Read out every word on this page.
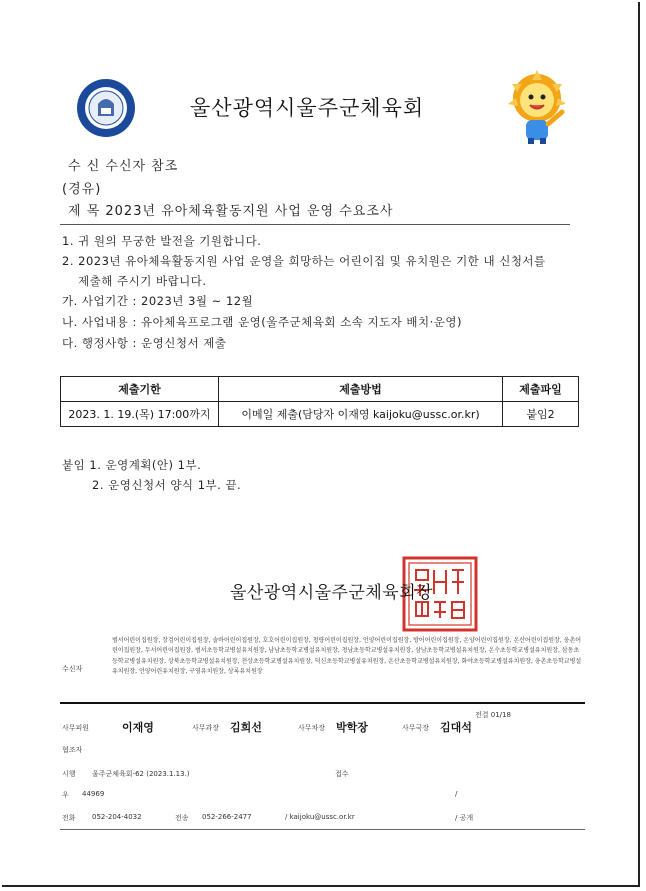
울산광역시울주군체육회
수 신 수신자 참조
(경유)
제 목 2023년 유아체육활동지원 사업 운영 수요조사
1. 귀 원의 무궁한 발전을 기원합니다.
2. 2023년 유아체육활동지원 사업 운영을 희망하는 어린이집 및 유치원은 기한 내 신청서를
제출해 주시기 바랍니다.
가. 사업기간 : 2023년 3월 ~ 12월
나. 사업내용 : 유아체육프로그램 운영(울주군체육회 소속 지도자 배치·운영)
다. 행정사항 : 운영신청서 제출
제출기한	제출방법	제출파일
2023. 1. 19.(목) 17:00까지	이메일 제출(담당자 이재영 kaijoku@ussc.or.kr)	붙임2
붙임 1. 운영계획(안) 1부.
2. 운영신청서 양식 1부. 끝.
울산광역시울주군체육회장
수신자
범서어린이집원장, 장검어린이집원장, 솔바어린이집원장, 호호어린이집원장, 청량어린이집원장, 언양어린이집원장, 방어어린이집원장, 온양어린이집원장, 온산어린이집원장, 웅촌어린이집원장, 두서어린이집원장, 범서초등학교병설유치원장, 남남초등학교병설유치원장, 청남초등학교병설유치원장, 삼남초등학교병설유치원장, 온수초등학교병설유치원장, 삼동초등학교병설유치원장, 상북초등학교병설유치원장, 천상초등학교병설유치원장, 덕신초등학교병설유치원장, 온산초등학교병설유치원장, 화야초등학교병설유치원장, 웅촌초등학교병설유치원장, 언양어린유치원장, 구영유치원장, 상록유치원장
전결 01/18
사무피원	이재영	사무과장 김희선	사무차장 박학장	사무국장 김대석
협조자
시행 울주군체육회-62 (2023.1.13.)	접수
우 44969	/
전화 052-204-4032	전송 052-266-2477	/ kaijoku@ussc.or.kr	/ 공개
